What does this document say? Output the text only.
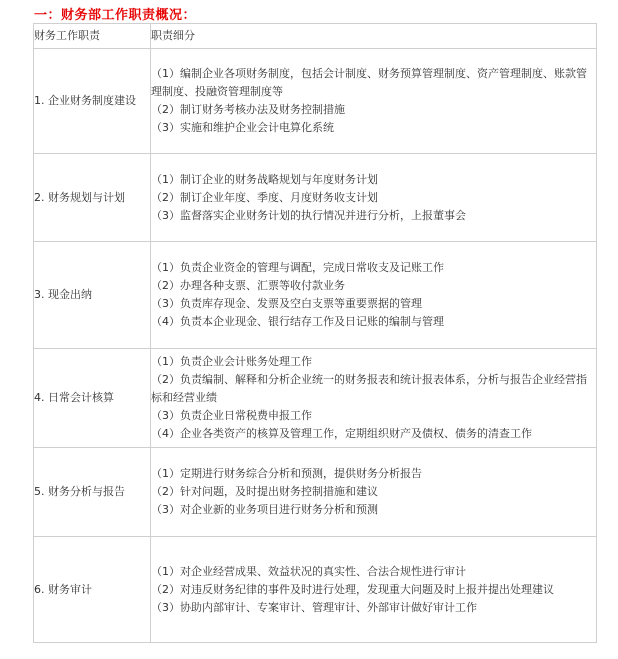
一：财务部工作职责概况：
财务工作职责	职责细分
1. 企业财务制度建设	（1）编制企业各项财务制度，包括会计制度、财务预算管理制度、资产管理制度、账款管理制度、投融资管理制度等
（2）制订财务考核办法及财务控制措施
（3）实施和维护企业会计电算化系统

2. 财务规划与计划	（1）制订企业的财务战略规划与年度财务计划
（2）制订企业年度、季度、月度财务收支计划
（3）监督落实企业财务计划的执行情况并进行分析，上报董事会

3. 现金出纳	（1）负责企业资金的管理与调配，完成日常收支及记账工作
（2）办理各种支票、汇票等收付款业务
（3）负责库存现金、发票及空白支票等重要票据的管理
（4）负责本企业现金、银行结存工作及日记账的编制与管理

4. 日常会计核算	（1）负责企业会计账务处理工作
（2）负责编制、解释和分析企业统一的财务报表和统计报表体系，分析与报告企业经营指标和经营业绩
（3）负责企业日常税费申报工作
（4）企业各类资产的核算及管理工作，定期组织财产及债权、债务的清查工作

5. 财务分析与报告	（1）定期进行财务综合分析和预测，提供财务分析报告
（2）针对问题，及时提出财务控制措施和建议
（3）对企业新的业务项目进行财务分析和预测

6. 财务审计	（1）对企业经营成果、效益状况的真实性、合法合规性进行审计
（2）对违反财务纪律的事件及时进行处理，发现重大问题及时上报并提出处理建议
（3）协助内部审计、专案审计、管理审计、外部审计做好审计工作
